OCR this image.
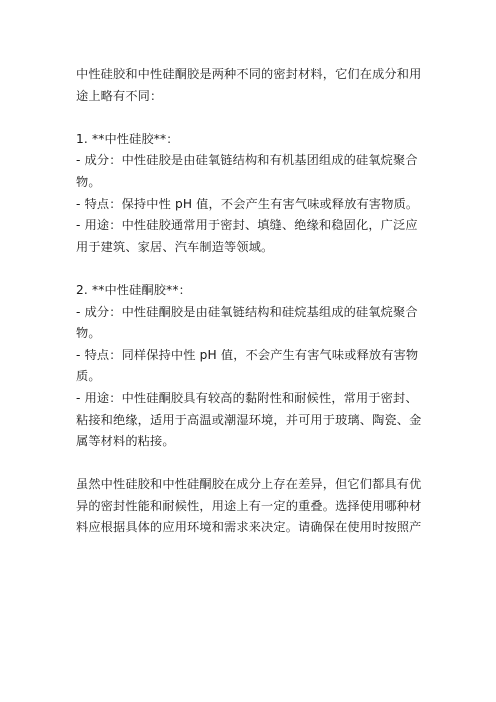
中性硅胶和中性硅酮胶是两种不同的密封材料，它们在成分和用途上略有不同：

1. **中性硅胶**：

- 成分：中性硅胶是由硅氧链结构和有机基团组成的硅氧烷聚合物。

- 特点：保持中性 pH 值，不会产生有害气味或释放有害物质。

- 用途：中性硅胶通常用于密封、填缝、绝缘和稳固化，广泛应用于建筑、家居、汽车制造等领域。

2. **中性硅酮胶**：

- 成分：中性硅酮胶是由硅氧链结构和硅烷基组成的硅氧烷聚合物。

- 特点：同样保持中性 pH 值，不会产生有害气味或释放有害物质。

- 用途：中性硅酮胶具有较高的黏附性和耐候性，常用于密封、粘接和绝缘，适用于高温或潮湿环境，并可用于玻璃、陶瓷、金属等材料的粘接。

虽然中性硅胶和中性硅酮胶在成分上存在差异，但它们都具有优异的密封性能和耐候性，用途上有一定的重叠。选择使用哪种材料应根据具体的应用环境和需求来决定。请确保在使用时按照产
